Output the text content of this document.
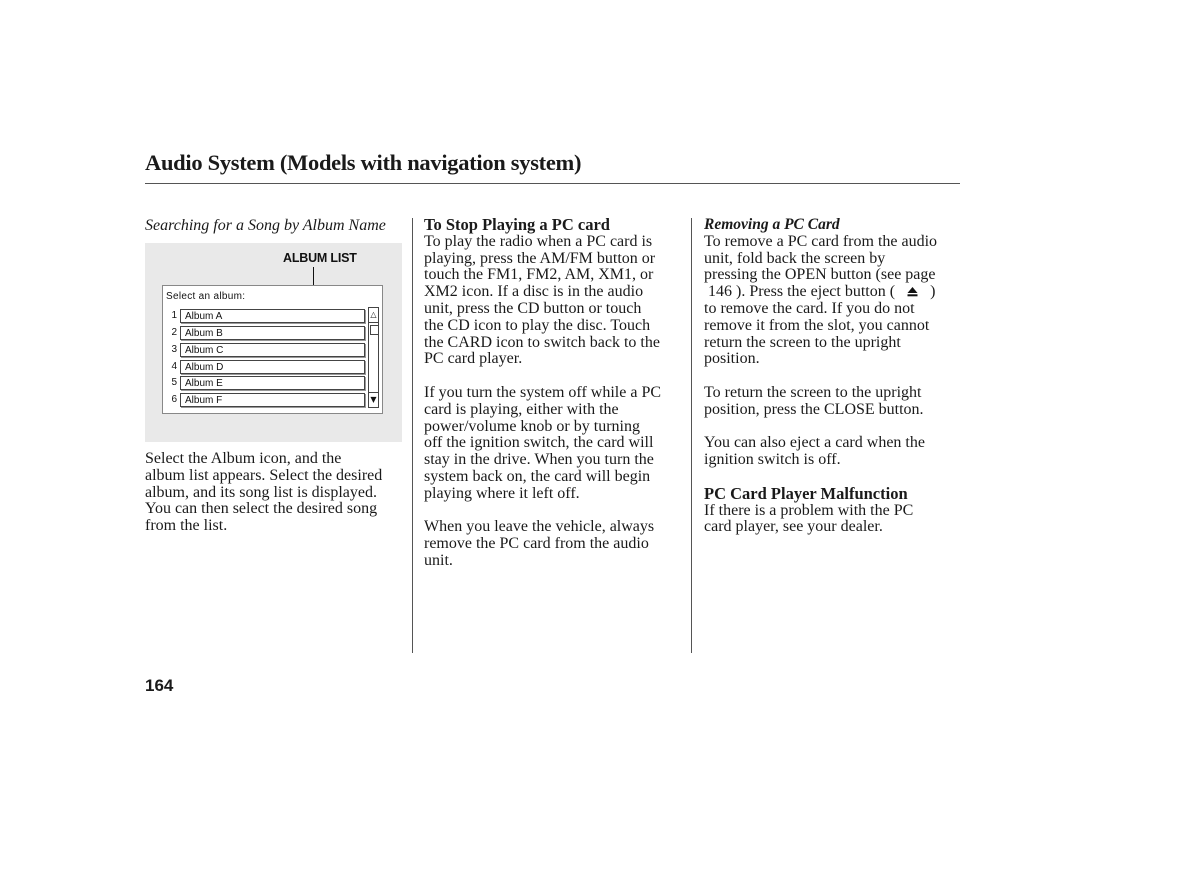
Audio System (Models with navigation system)
Searching for a Song by Album Name
ALBUM LIST
Select an album:
1 Album A
2 Album B
3 Album C
4 Album D
5 Album E
6 Album F
△
▼

Select the Album icon, and the

album list appears. Select the desired

album, and its song list is displayed.

You can then select the desired song

from the list.

To Stop Playing a PC card

To play the radio when a PC card is

playing, press the AM/FM button or

touch the FM1, FM2, AM, XM1, or

XM2 icon. If a disc is in the audio

unit, press the CD button or touch

the CD icon to play the disc. Touch

the CARD icon to switch back to the

PC card player.

If you turn the system off while a PC

card is playing, either with the

power/volume knob or by turning

off the ignition switch, the card will

stay in the drive. When you turn the

system back on, the card will begin

playing where it left off.

When you leave the vehicle, always

remove the PC card from the audio

unit.

Removing a PC Card

To remove a PC card from the audio

unit, fold back the screen by

pressing the OPEN button (see page

146 ). Press the eject button ( )

to remove the card. If you do not

remove it from the slot, you cannot

return the screen to the upright

position.

To return the screen to the upright

position, press the CLOSE button.

You can also eject a card when the

ignition switch is off.

PC Card Player Malfunction

If there is a problem with the PC

card player, see your dealer.

164
